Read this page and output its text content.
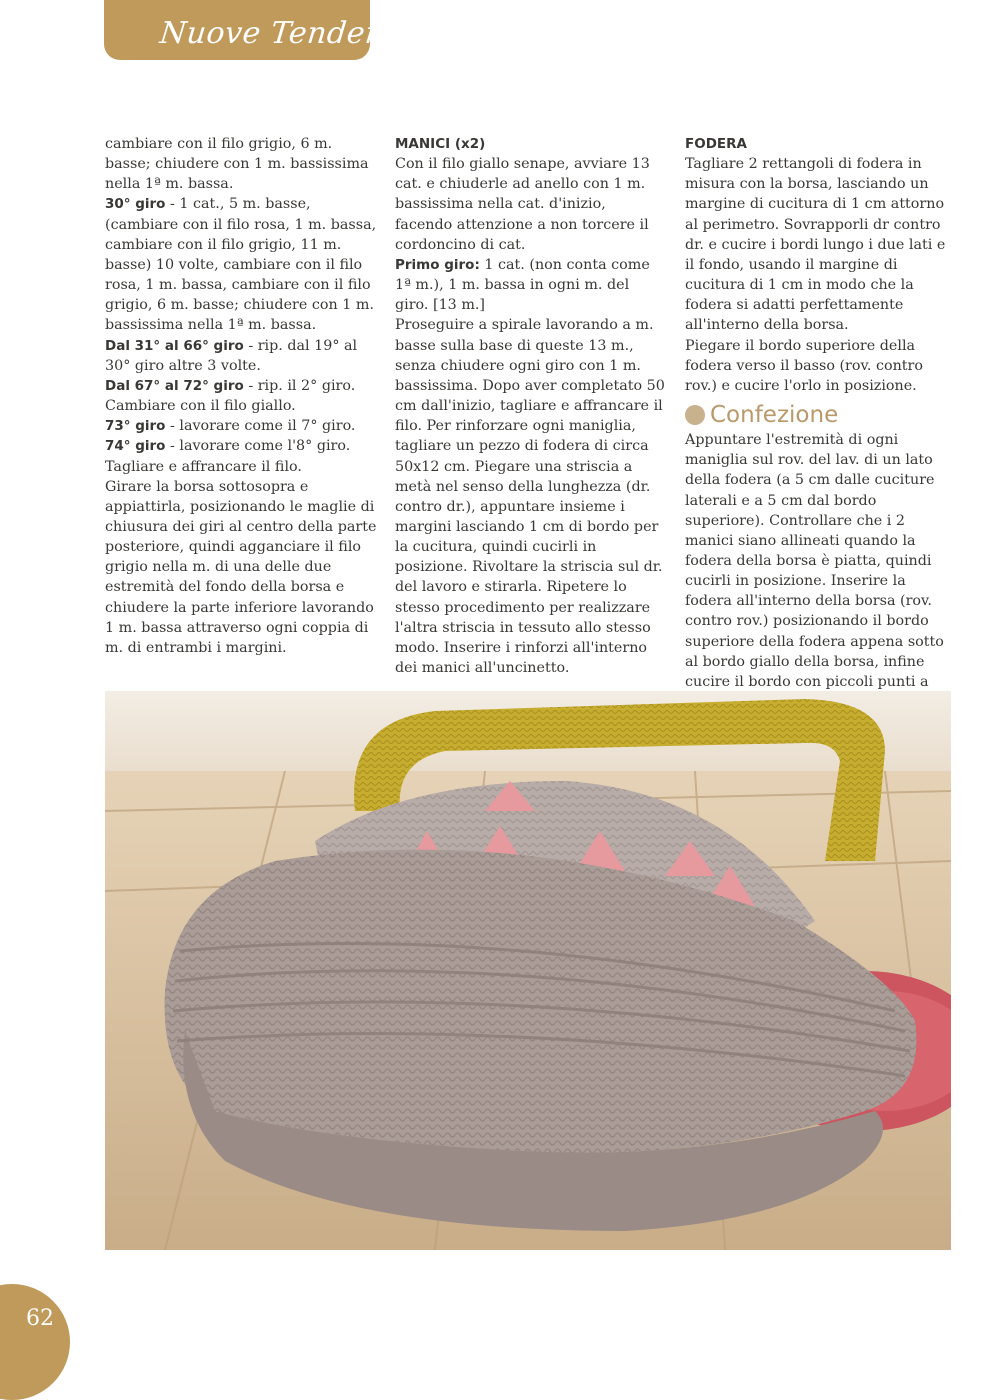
Nuove Tendenze

cambiare con il filo grigio, 6 m. basse; chiudere con 1 m. bassissima nella 1ª m. bassa.

30° giro - 1 cat., 5 m. basse, (cambiare con il filo rosa, 1 m. bassa, cambiare con il filo grigio, 11 m. basse) 10 volte, cambiare con il filo rosa, 1 m. bassa, cambiare con il filo grigio, 6 m. basse; chiudere con 1 m. bassissima nella 1ª m. bassa.

Dal 31° al 66° giro - rip. dal 19° al 30° giro altre 3 volte.

Dal 67° al 72° giro - rip. il 2° giro. Cambiare con il filo giallo.

73° giro - lavorare come il 7° giro.

74° giro - lavorare come l'8° giro. Tagliare e affrancare il filo.

Girare la borsa sottosopra e appiattirla, posizionando le maglie di chiusura dei giri al centro della parte posteriore, quindi agganciare il filo grigio nella m. di una delle due estremità del fondo della borsa e chiudere la parte inferiore lavorando 1 m. bassa attraverso ogni coppia di m. di entrambi i margini.

MANICI (x2)

Con il filo giallo senape, avviare 13 cat. e chiuderle ad anello con 1 m. bassissima nella cat. d'inizio, facendo attenzione a non torcere il cordoncino di cat.

Primo giro: 1 cat. (non conta come 1ª m.), 1 m. bassa in ogni m. del giro. [13 m.]

Proseguire a spirale lavorando a m. basse sulla base di queste 13 m., senza chiudere ogni giro con 1 m. bassissima. Dopo aver completato 50 cm dall'inizio, tagliare e affrancare il filo. Per rinforzare ogni maniglia, tagliare un pezzo di fodera di circa 50x12 cm. Piegare una striscia a metà nel senso della lunghezza (dr. contro dr.), appuntare insieme i margini lasciando 1 cm di bordo per la cucitura, quindi cucirli in posizione. Rivoltare la striscia sul dr. del lavoro e stirarla. Ripetere lo stesso procedimento per realizzare l'altra striscia in tessuto allo stesso modo. Inserire i rinforzi all'interno dei manici all'uncinetto.

FODERA

Tagliare 2 rettangoli di fodera in misura con la borsa, lasciando un margine di cucitura di 1 cm attorno al perimetro. Sovrapporli dr contro dr. e cucire i bordi lungo i due lati e il fondo, usando il margine di cucitura di 1 cm in modo che la fodera si adatti perfettamente all'interno della borsa.

Piegare il bordo superiore della fodera verso il basso (rov. contro rov.) e cucire l'orlo in posizione.

Confezione

Appuntare l'estremità di ogni maniglia sul rov. del lav. di un lato della fodera (a 5 cm dalle cuciture laterali e a 5 cm dal bordo superiore). Controllare che i 2 manici siano allineati quando la fodera della borsa è piatta, quindi cucirli in posizione. Inserire la fodera all'interno della borsa (rov. contro rov.) posizionando il bordo superiore della fodera appena sotto al bordo giallo della borsa, infine cucire il bordo con piccoli punti a

62
